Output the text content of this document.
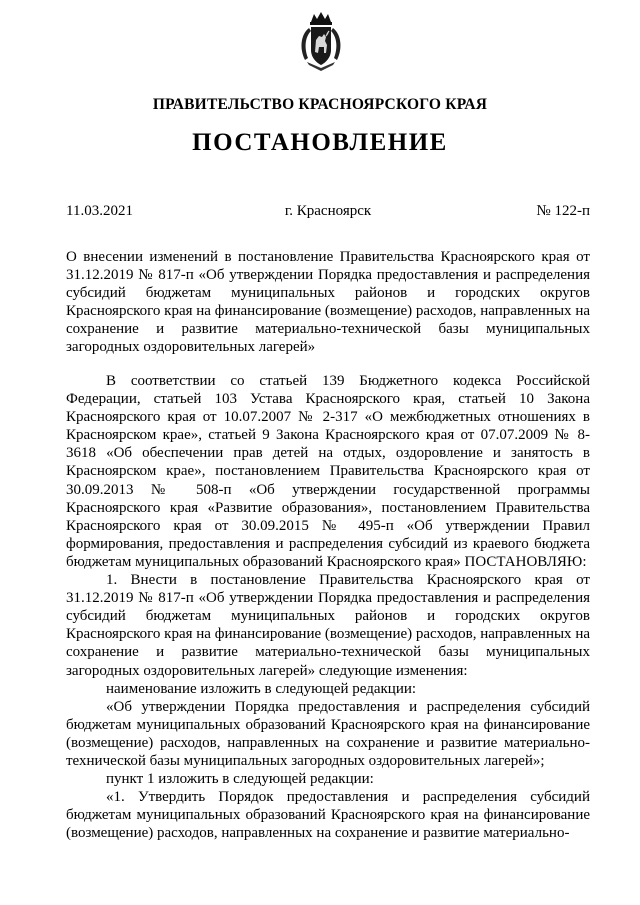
ПРАВИТЕЛЬСТВО КРАСНОЯРСКОГО КРАЯ
ПОСТАНОВЛЕНИЕ
11.03.2021	г. Красноярск	№ 122-п
О внесении изменений в постановление Правительства Красноярского края от 31.12.2019 № 817-п «Об утверждении Порядка предоставления и распределения субсидий бюджетам муниципальных районов и городских округов Красноярского края на финансирование (возмещение) расходов, направленных на сохранение и развитие материально-технической базы муниципальных загородных оздоровительных лагерей»

В соответствии со статьей 139 Бюджетного кодекса Российской Федерации, статьей 103 Устава Красноярского края, статьей 10 Закона Красноярского края от 10.07.2007 № 2-317 «О межбюджетных отношениях в Красноярском крае», статьей 9 Закона Красноярского края от 07.07.2009 № 8-3618 «Об обеспечении прав детей на отдых, оздоровление и занятость в Красноярском крае», постановлением Правительства Красноярского края от 30.09.2013 № 508-п «Об утверждении государственной программы Красноярского края «Развитие образования», постановлением Правительства Красноярского края от 30.09.2015 № 495-п «Об утверждении Правил формирования, предоставления и распределения субсидий из краевого бюджета бюджетам муниципальных образований Красноярского края» ПОСТАНОВЛЯЮ:

1. Внести в постановление Правительства Красноярского края от 31.12.2019 № 817-п «Об утверждении Порядка предоставления и распределения субсидий бюджетам муниципальных районов и городских округов Красноярского края на финансирование (возмещение) расходов, направленных на сохранение и развитие материально-технической базы муниципальных загородных оздоровительных лагерей» следующие изменения:

наименование изложить в следующей редакции:

«Об утверждении Порядка предоставления и распределения субсидий бюджетам муниципальных образований Красноярского края на финансирование (возмещение) расходов, направленных на сохранение и развитие материально-технической базы муниципальных загородных оздоровительных лагерей»;

пункт 1 изложить в следующей редакции:

«1. Утвердить Порядок предоставления и распределения субсидий бюджетам муниципальных образований Красноярского края на финансирование (возмещение) расходов, направленных на сохранение и развитие материально-
